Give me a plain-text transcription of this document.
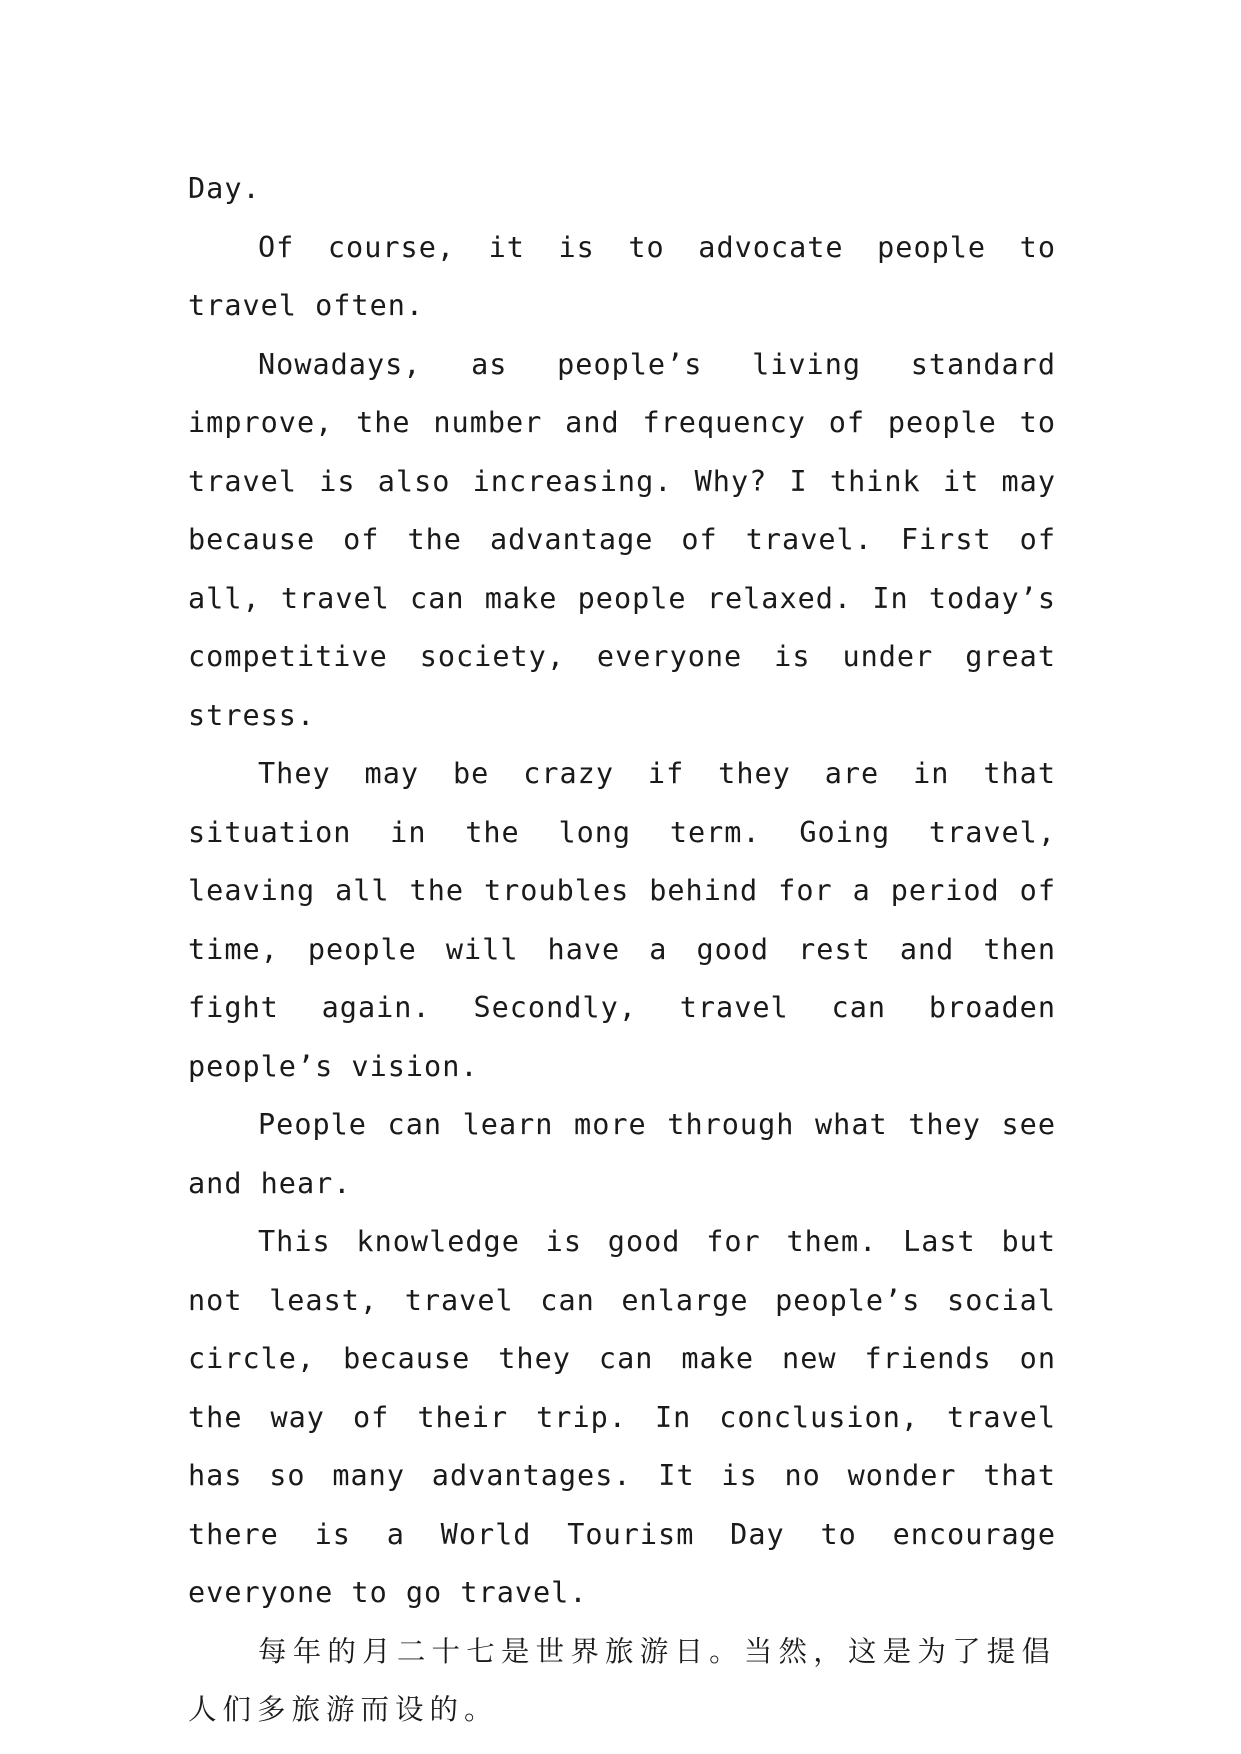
Day.

Of course, it is to advocate people to travel often.

Nowadays, as people’s living standard improve, the number and frequency of people to travel is also increasing. Why? I think it may because of the advantage of travel. First of all, travel can make people relaxed. In today’s competitive society, everyone is under great stress.

They may be crazy if they are in that situation in the long term. Going travel, leaving all the troubles behind for a period of time, people will have a good rest and then fight again. Secondly, travel can broaden people’s vision.

People can learn more through what they see and hear.

This knowledge is good for them. Last but not least, travel can enlarge people’s social circle, because they can make new friends on the way of their trip. In conclusion, travel has so many advantages. It is no wonder that there is a World Tourism Day to encourage everyone to go travel.

每年的月二十七是世界旅游日。当然，这是为了提倡人们多旅游而设的。
